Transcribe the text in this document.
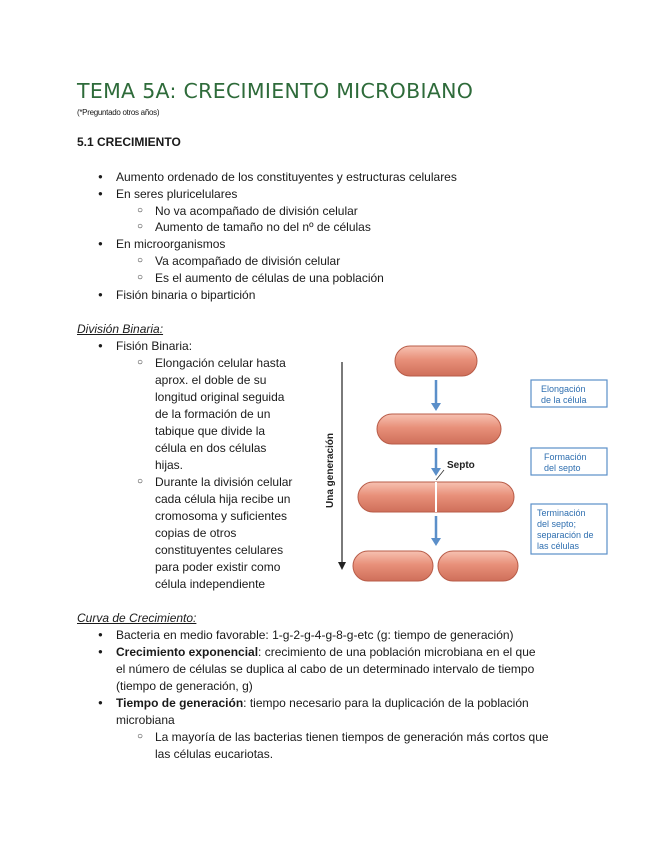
TEMA 5A: CRECIMIENTO MICROBIANO
(*Preguntado otros años)
5.1 CRECIMIENTO
● Aumento ordenado de los constituyentes y estructuras celulares
● En seres pluricelulares
○ No va acompañado de división celular
○ Aumento de tamaño no del nº de células
● En microorganismos
○ Va acompañado de división celular
○ Es el aumento de células de una población
● Fisión binaria o bipartición
División Binaria:
● Fisión Binaria:
○ Elongación celular hasta
aprox. el doble de su
longitud original seguida
de la formación de un
tabique que divide la
célula en dos células
hijas.
○ Durante la división celular
cada célula hija recibe un
cromosoma y suficientes
copias de otros
constituyentes celulares
para poder existir como
célula independiente
Una generación	Septo
Elongación
de la célula
Formación
del septo
Terminación
del septo;
separación de
las células
Curva de Crecimiento:
● Bacteria en medio favorable: 1-g-2-g-4-g-8-g-etc (g: tiempo de generación)
● Crecimiento exponencial: crecimiento de una población microbiana en el que
el número de células se duplica al cabo de un determinado intervalo de tiempo
(tiempo de generación, g)
● Tiempo de generación: tiempo necesario para la duplicación de la población
microbiana
○ La mayoría de las bacterias tienen tiempos de generación más cortos que
las células eucariotas.
